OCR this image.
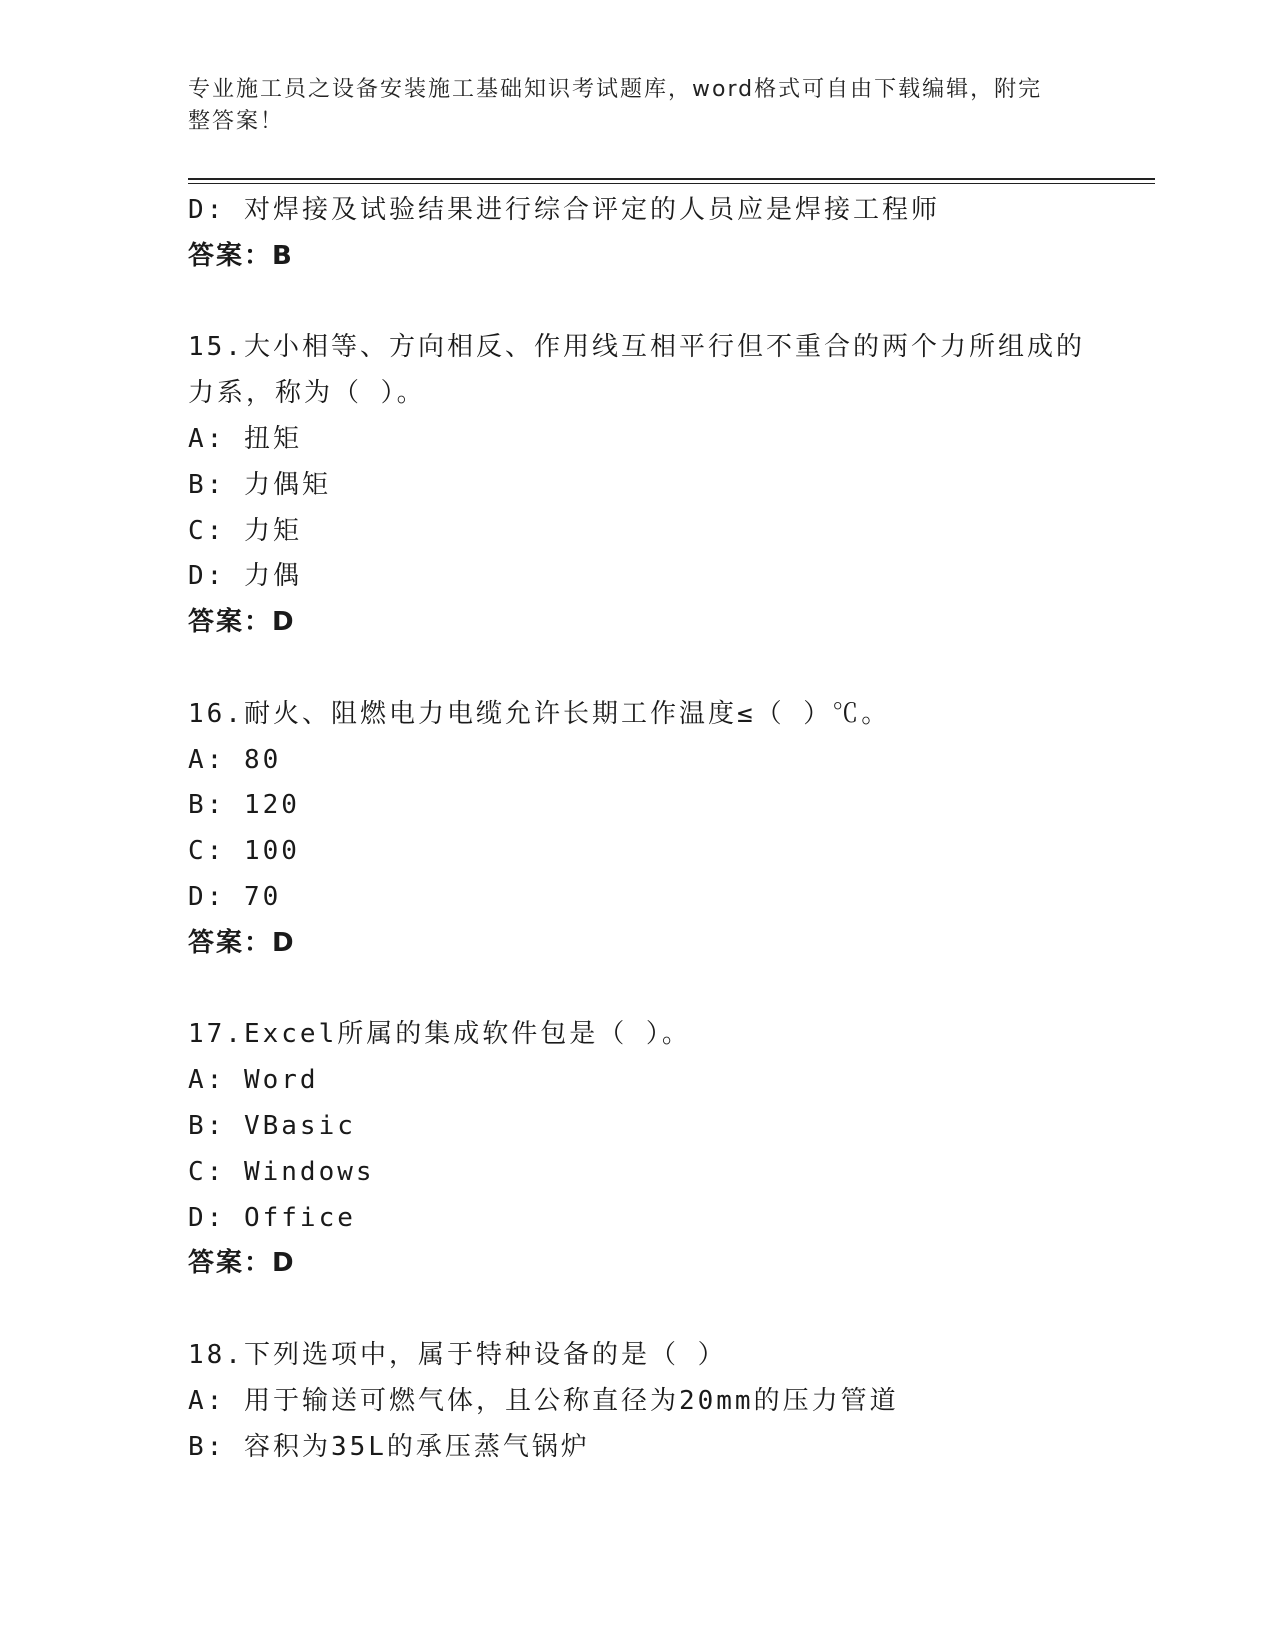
专业施工员之设备安装施工基础知识考试题库，word格式可自由下载编辑，附完
整答案！

D: 对焊接及试验结果进行综合评定的人员应是焊接工程师

答案：B

15.大小相等、方向相反、作用线互相平行但不重合的两个力所组成的

力系，称为（ ）。

A: 扭矩

B: 力偶矩

C: 力矩

D: 力偶

答案：D

16.耐火、阻燃电力电缆允许长期工作温度≤（ ）℃。

A: 80

B: 120

C: 100

D: 70

答案：D

17.Excel所属的集成软件包是（ ）。

A: Word

B: VBasic

C: Windows

D: Office

答案：D

18.下列选项中，属于特种设备的是（ ）

A: 用于输送可燃气体，且公称直径为20mm的压力管道

B: 容积为35L的承压蒸气锅炉
